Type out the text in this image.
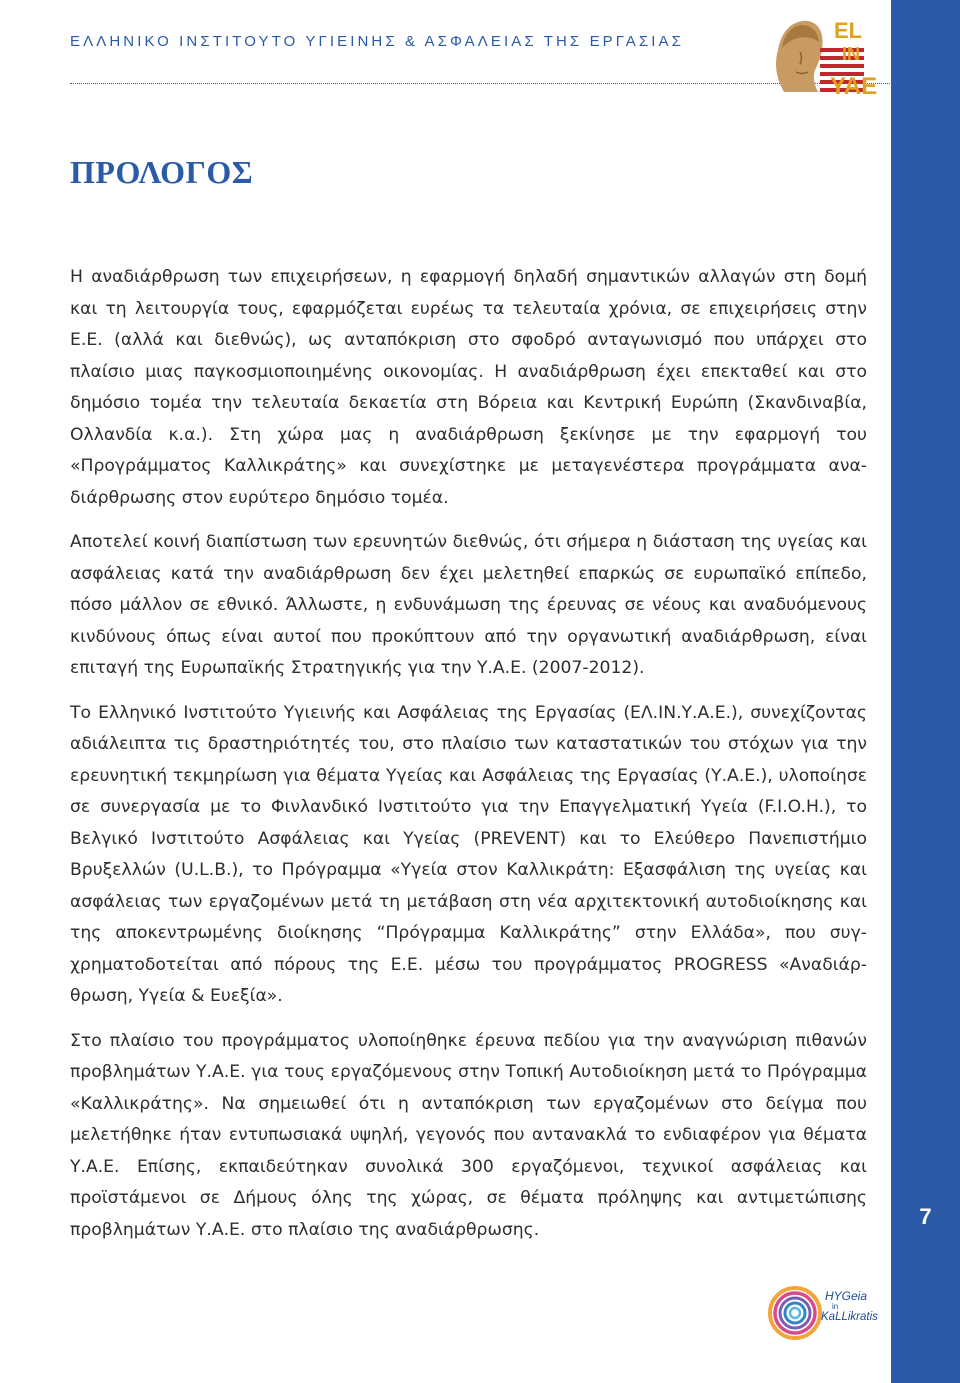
ΕΛΛΗΝΙΚΟ ΙΝΣΤΙΤΟΥΤΟ ΥΓΙΕΙΝΗΣ & ΑΣΦΑΛΕΙΑΣ ΤΗΣ ΕΡΓΑΣΙΑΣ	EL
IN
YAE
7
ΠΡΟΛΟΓΟΣ

Η αναδιάρθρωση των επιχειρήσεων, η εφαρμογή δηλαδή σημαντικών αλλαγών στη δομή και τη λειτουργία τους, εφαρμόζεται ευρέως τα τελευταία χρόνια, σε επιχειρήσεις στην Ε.Ε. (αλλά και διεθνώς), ως ανταπόκριση στο σφοδρό ανταγωνισμό που υπάρχει στο πλαίσιο μιας παγκοσμιοποιημένης οικονομίας. Η αναδιάρθρωση έχει επεκταθεί και στο δημόσιο τομέα την τελευταία δεκαετία στη Βόρεια και Κεντρική Ευρώπη (Σκανδιναβία, Ολλανδία κ.α.). Στη χώρα μας η αναδιάρθρωση ξεκίνησε με την εφαρμογή του «Προγράμματος Καλλικράτης» και συνεχίστηκε με μεταγενέστερα προγράμματα αναδιάρθρωσης στον ευρύτερο δημόσιο τομέα.

Αποτελεί κοινή διαπίστωση των ερευνητών διεθνώς, ότι σήμερα η διάσταση της υγείας και ασφάλειας κατά την αναδιάρθρωση δεν έχει μελετηθεί επαρκώς σε ευρωπαϊκό επίπεδο, πόσο μάλλον σε εθνικό. Άλλωστε, η ενδυνάμωση της έρευνας σε νέους και αναδυόμενους κινδύνους όπως είναι αυτοί που προκύπτουν από την οργανωτική αναδιάρθρωση, είναι επιταγή της Ευρωπαϊκής Στρατηγικής για την Υ.Α.Ε. (2007-2012).

Το Ελληνικό Ινστιτούτο Υγιεινής και Ασφάλειας της Εργασίας (ΕΛ.ΙΝ.Υ.Α.Ε.), συνεχίζοντας αδιάλειπτα τις δραστηριότητές του, στο πλαίσιο των καταστατικών του στόχων για την ερευνητική τεκμηρίωση για θέματα Υγείας και Ασφάλειας της Εργασίας (Υ.Α.Ε.), υλοποίησε σε συνεργασία με το Φινλανδικό Ινστιτούτο για την Επαγγελματική Υγεία (F.I.O.H.), το Βελγικό Ινστιτούτο Ασφάλειας και Υγείας (PREVENT) και το Ελεύθερο Πανεπιστήμιο Βρυξελλών (U.L.B.), το Πρόγραμμα «Υγεία στον Καλλικράτη: Εξασφάλιση της υγείας και ασφάλειας των εργαζομένων μετά τη μετάβαση στη νέα αρχιτεκτονική αυτοδιοίκησης και της αποκεντρωμένης διοίκησης “Πρόγραμμα Καλλικράτης” στην Ελλάδα», που συγχρηματοδοτείται από πόρους της Ε.Ε. μέσω του προγράμματος PROGRESS «Αναδιάρθρωση, Υγεία & Ευεξία».

Στο πλαίσιο του προγράμματος υλοποίηθηκε έρευνα πεδίου για την αναγνώριση πιθανών προβλημάτων Υ.Α.Ε. για τους εργαζόμενους στην Τοπική Αυτοδιοίκηση μετά το Πρόγραμμα «Καλλικράτης». Να σημειωθεί ότι η ανταπόκριση των εργαζομένων στο δείγμα που μελετήθηκε ήταν εντυπωσιακά υψηλή, γεγονός που αντανακλά το ενδιαφέρον για θέματα Υ.Α.Ε. Επίσης, εκπαιδεύτηκαν συνολικά 300 εργαζόμενοι, τεχνικοί ασφάλειας και προϊστάμενοι σε Δήμους όλης της χώρας, σε θέματα πρόληψης και αντιμετώπισης προβλημάτων Υ.Α.Ε. στο πλαίσιο της αναδιάρθρωσης.

HYGeia
in
KaLLikratis
